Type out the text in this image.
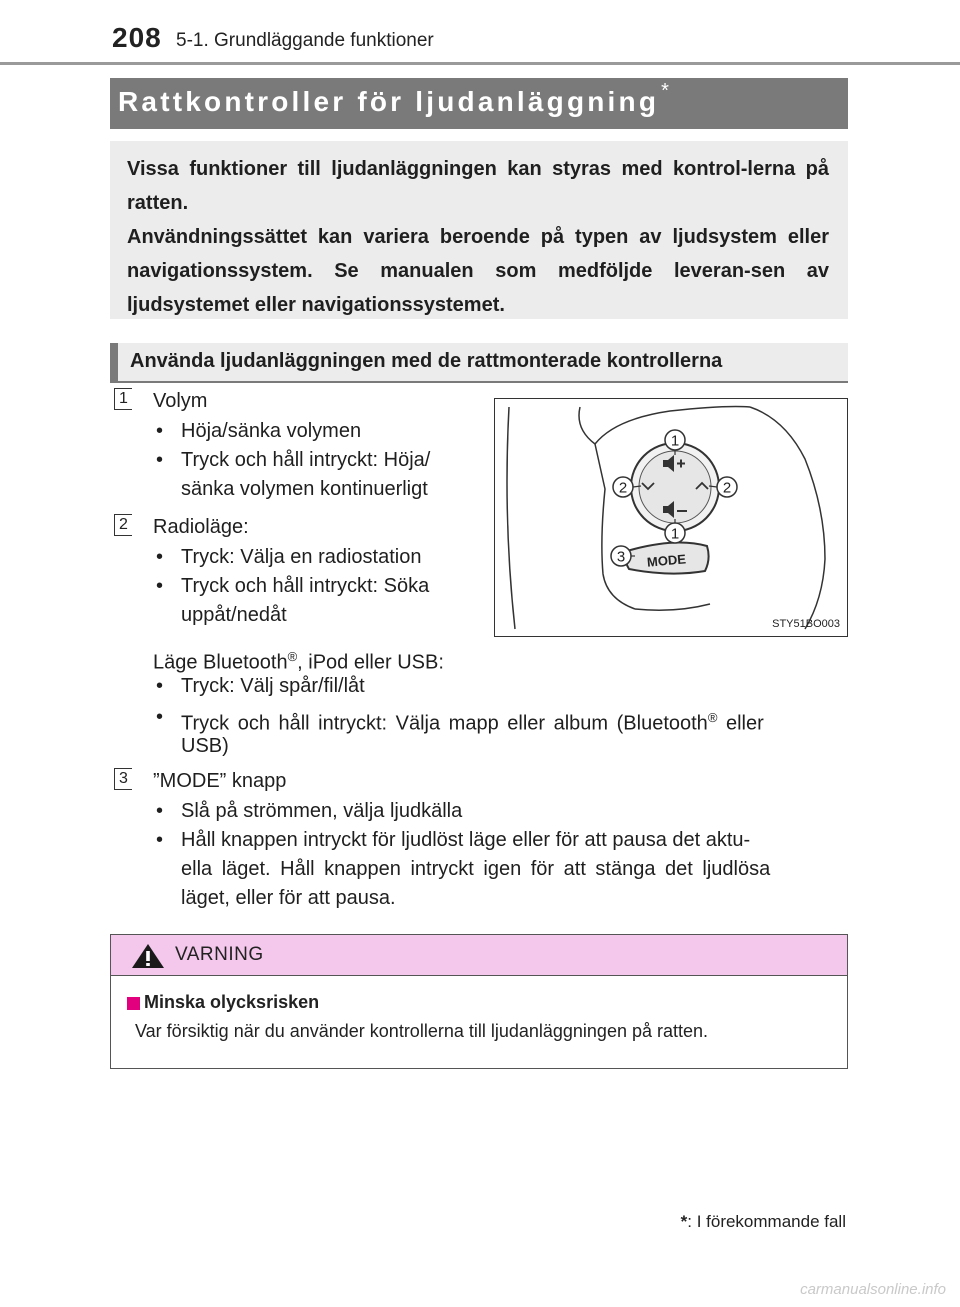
208 5-1. Grundläggande funktioner
Rattkontroller för ljudanläggning *
Vissa funktioner till ljudanläggningen kan styras med kontrol-lerna på ratten.
Användningssättet kan variera beroende på typen av ljudsystem eller navigationssystem. Se manualen som medföljde leveran-sen av ljudsystemet eller navigationssystemet.
Använda ljudanläggningen med de rattmonterade kontrollerna
1 Volym
• Höja/sänka volymen
• Tryck och håll intryckt: Höja/
sänka volymen kontinuerligt
2 Radioläge:
• Tryck: Välja en radiostation
• Tryck och håll intryckt: Söka
uppåt/nedåt
Läge Bluetooth®, iPod eller USB:
• Tryck: Välj spår/fil/låt
• Tryck och håll intryckt: Välja mapp eller album (Bluetooth® eller
USB)
3 ”MODE” knapp
• Slå på strömmen, välja ljudkälla
• Håll knappen intryckt för ljudlöst läge eller för att pausa det aktu-
ella läget. Håll knappen intryckt igen för att stänga det ljudlösa
läget, eller för att pausa.
MODE
1
2	2
1
3
STY51BO003
VARNING
Minska olycksrisken
Var försiktig när du använder kontrollerna till ljudanläggningen på ratten.
*: I förekommande fall
carmanualsonline.info
